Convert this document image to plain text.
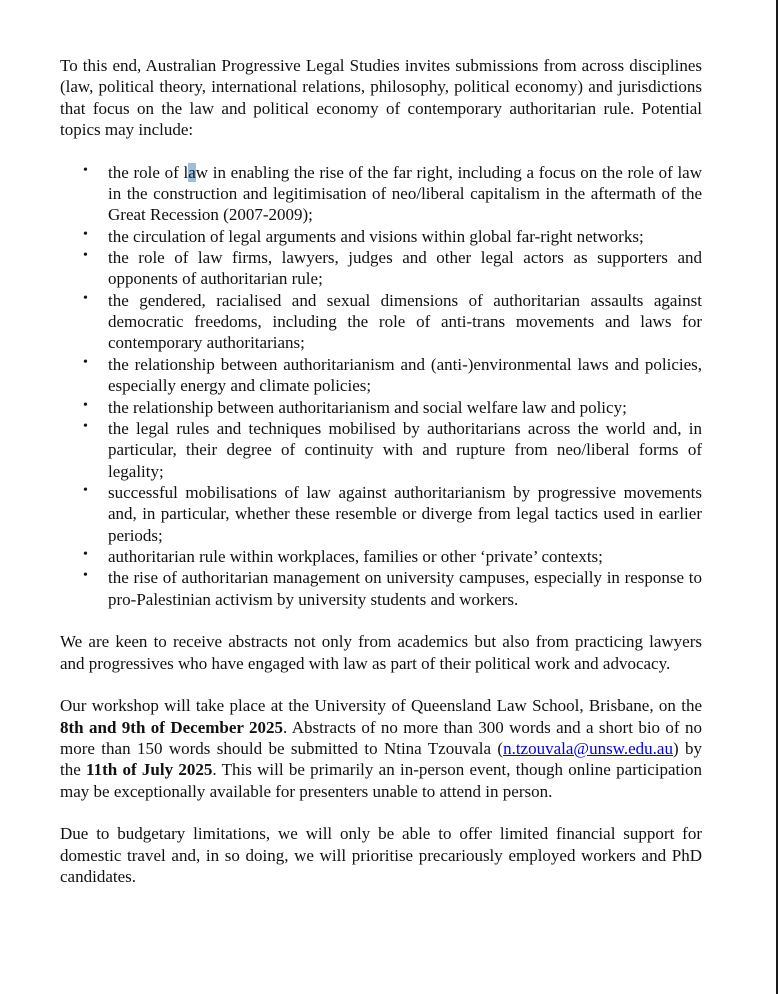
To this end, Australian Progressive Legal Studies invites submissions from across disciplines (law, political theory, international relations, philosophy, political economy) and jurisdictions that focus on the law and political economy of contemporary authoritarian rule. Potential topics may include:

• the role of law in enabling the rise of the far right, including a focus on the role of law in the construction and legitimisation of neo/liberal capitalism in the aftermath of the Great Recession (2007-2009);
• the circulation of legal arguments and visions within global far-right networks;
• the role of law firms, lawyers, judges and other legal actors as supporters and opponents of authoritarian rule;
• the gendered, racialised and sexual dimensions of authoritarian assaults against democratic freedoms, including the role of anti-trans movements and laws for contemporary authoritarians;
• the relationship between authoritarianism and (anti-)environmental laws and policies, especially energy and climate policies;
• the relationship between authoritarianism and social welfare law and policy;
• the legal rules and techniques mobilised by authoritarians across the world and, in particular, their degree of continuity with and rupture from neo/liberal forms of legality;
• successful mobilisations of law against authoritarianism by progressive movements and, in particular, whether these resemble or diverge from legal tactics used in earlier periods;
• authoritarian rule within workplaces, families or other ‘private’ contexts;
• the rise of authoritarian management on university campuses, especially in response to pro-Palestinian activism by university students and workers.

We are keen to receive abstracts not only from academics but also from practicing lawyers and progressives who have engaged with law as part of their political work and advocacy.

Our workshop will take place at the University of Queensland Law School, Brisbane, on the 8th and 9th of December 2025. Abstracts of no more than 300 words and a short bio of no more than 150 words should be submitted to Ntina Tzouvala (n.tzouvala@unsw.edu.au) by the 11th of July 2025. This will be primarily an in-person event, though online participation may be exceptionally available for presenters unable to attend in person.

Due to budgetary limitations, we will only be able to offer limited financial support for domestic travel and, in so doing, we will prioritise precariously employed workers and PhD candidates.
